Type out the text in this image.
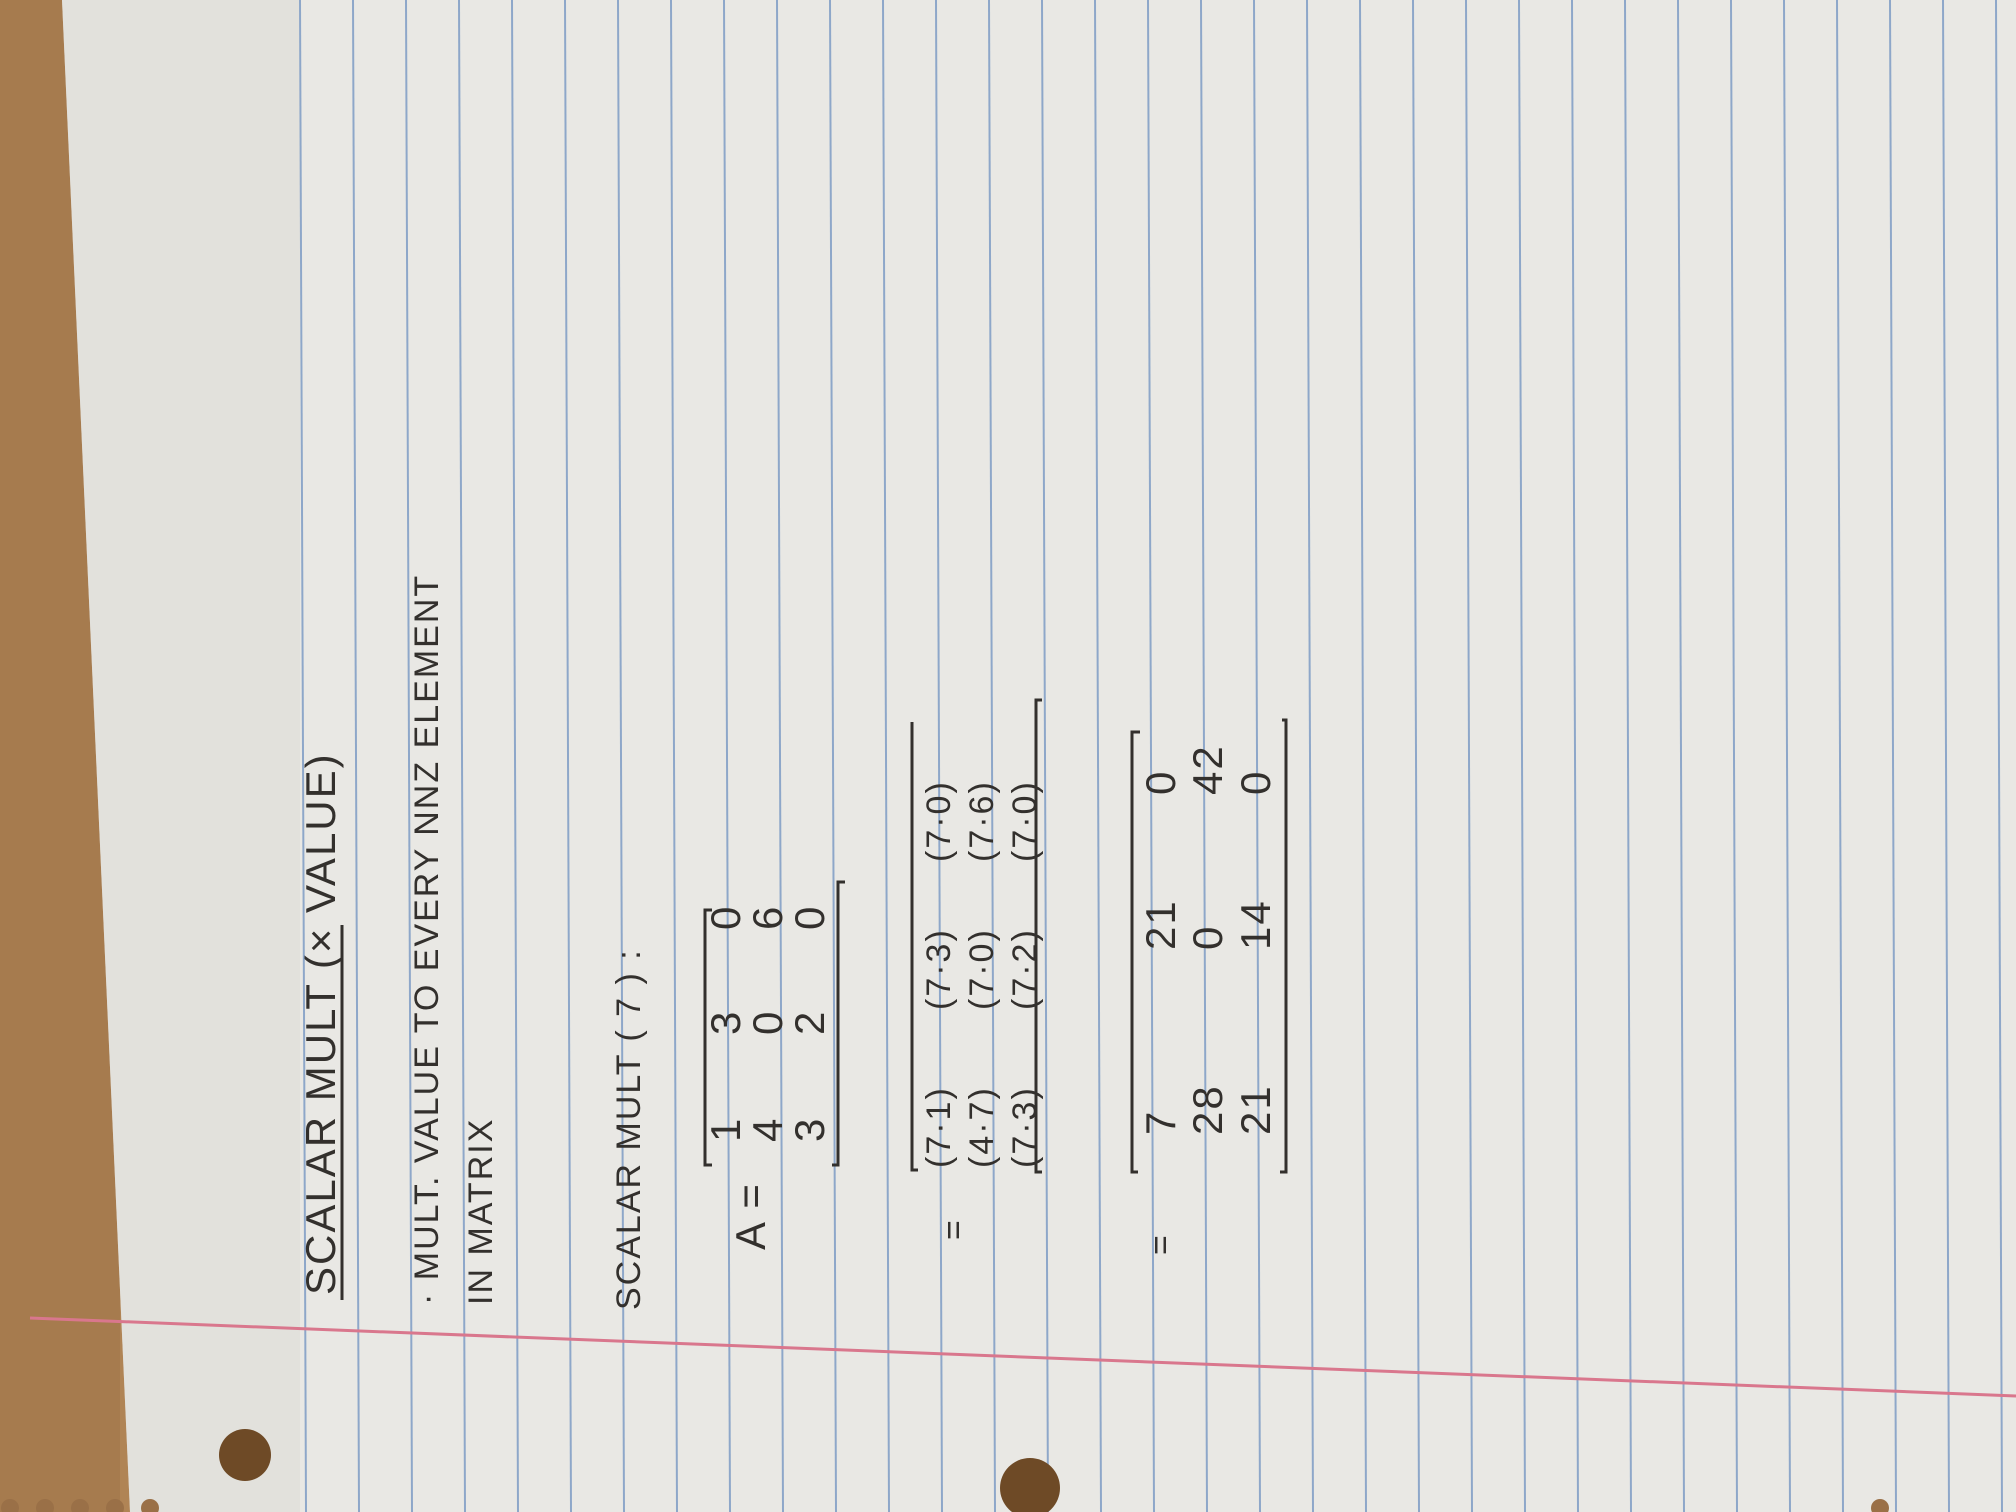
SCALAR MULT (× VALUE) · MULT. VALUE TO EVERY NNZ ELEMENT IN MATRIX	SCALAR MULT ( 7 ) : A =
1
3
0
4
0
6
3
2
0
=
(7·1)
(7·3)
(7·0)
(4·7)
(7·0)
(7·6)
(7·3)
(7·2)
(7·0)
=
7
21
0
28
0
42
21
14
0
